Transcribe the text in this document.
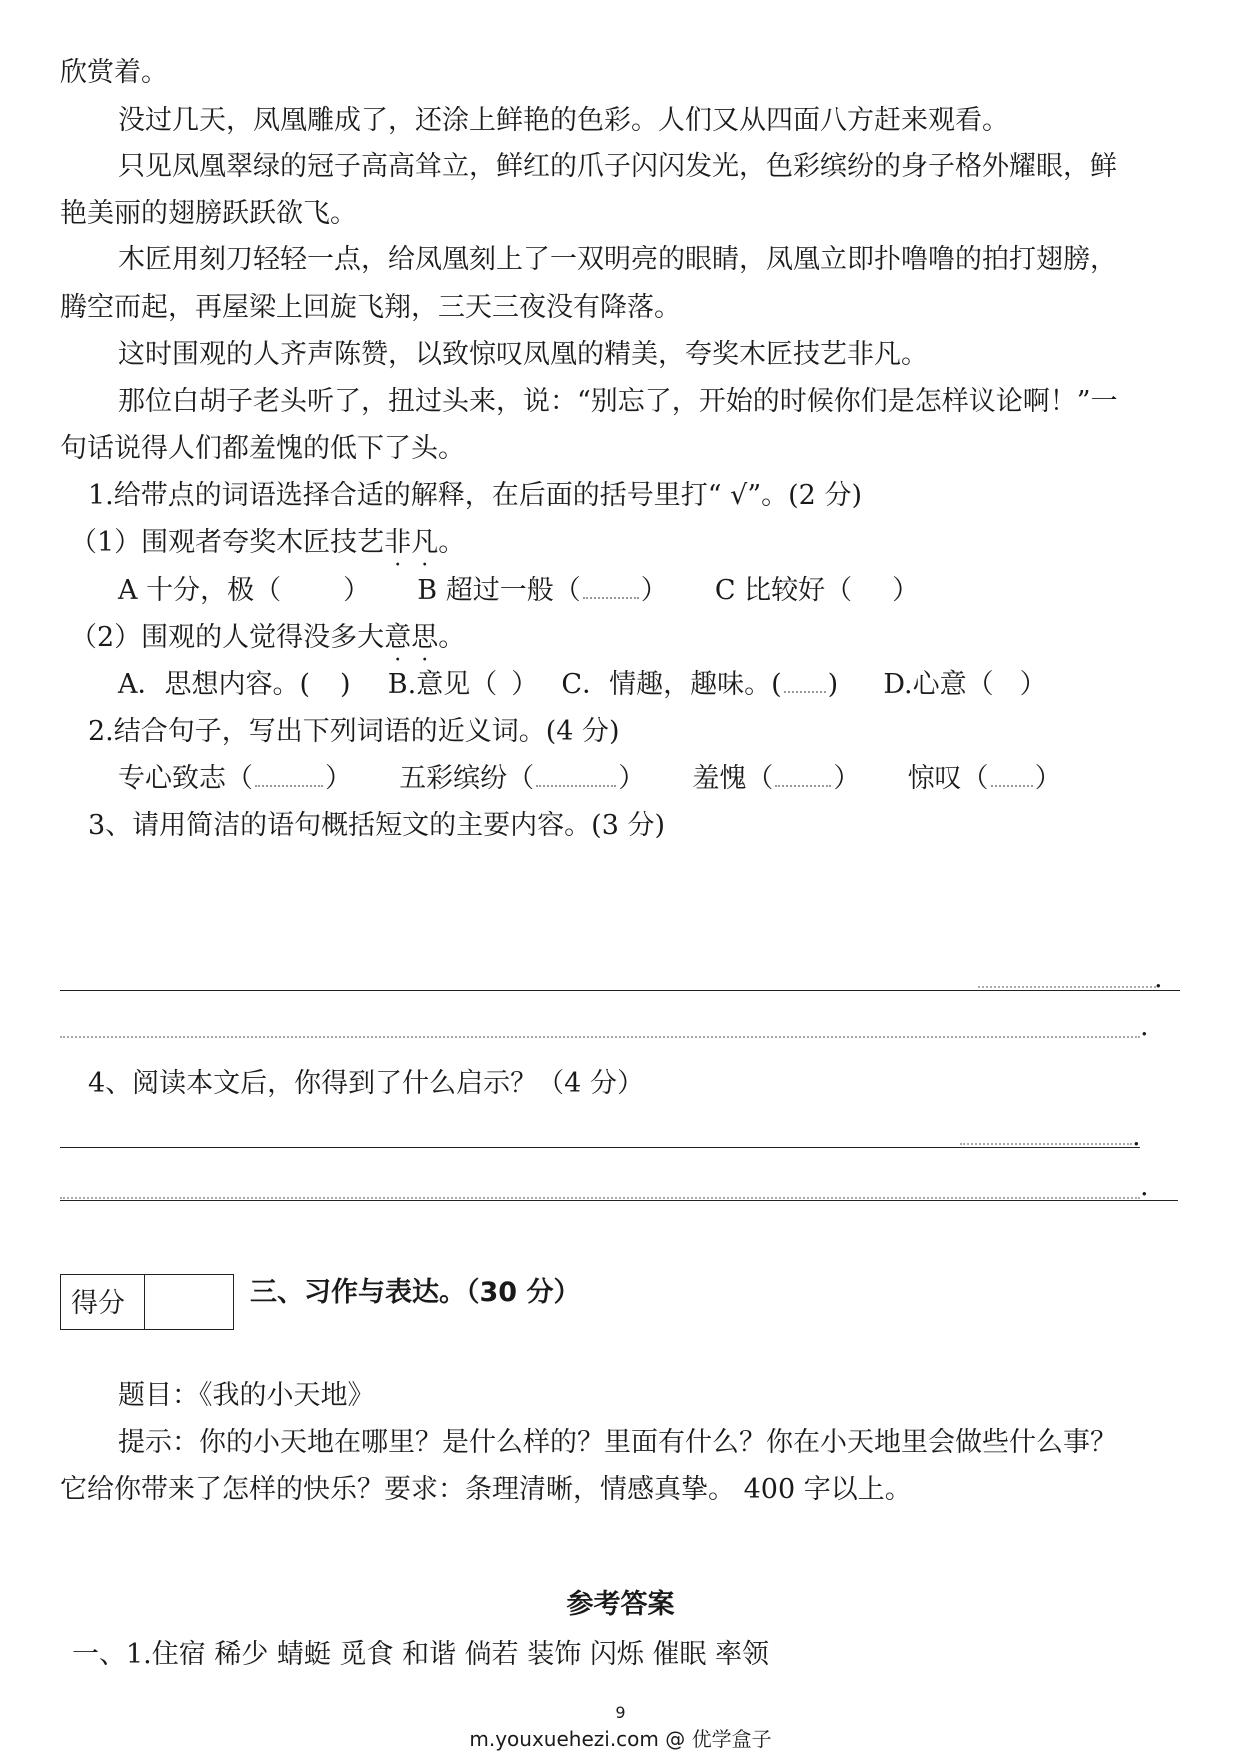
欣赏着。
没过几天，凤凰雕成了，还涂上鲜艳的色彩。人们又从四面八方赶来观看。
只见凤凰翠绿的冠子高高耸立，鲜红的爪子闪闪发光，色彩缤纷的身子格外耀眼，鲜
艳美丽的翅膀跃跃欲飞。
木匠用刻刀轻轻一点，给凤凰刻上了一双明亮的眼睛，凤凰立即扑噜噜的拍打翅膀，
腾空而起，再屋梁上回旋飞翔，三天三夜没有降落。
这时围观的人齐声陈赞，以致惊叹凤凰的精美，夸奖木匠技艺非凡。
那位白胡子老头听了，扭过头来，说：“别忘了，开始的时候你们是怎样议论啊！”一
句话说得人们都羞愧的低下了头。
1.给带点的词语选择合适的解释，在后面的括号里打“ √”。(2 分)
（1）围观者夸奖木匠技艺非凡。
A 十分，极（ ） B 超过一般（ ） C 比较好（ ）
（2）围观的人觉得没多大意思。
A．思想内容。( ) B.意见（ ） C．情趣，趣味。( ) D.心意（ ）
2.结合句子，写出下列词语的近义词。(4 分)
专心致志（	） 五彩缤纷（	） 羞愧（ ） 惊叹（ ）
3、请用简洁的语句概括短文的主要内容。(3 分)
.
.
4、阅读本文后，你得到了什么启示？（4 分）
.
.
得分	三、习作与表达。（30 分）
题目：《我的小天地》
提示：你的小天地在哪里？是什么样的？里面有什么？你在小天地里会做些什么事？
它给你带来了怎样的快乐？要求：条理清晰，情感真挚。 400 字以上。
参考答案
一、1.住宿 稀少 蜻蜓 觅食 和谐 倘若 装饰 闪烁 催眠 率领
9
m.youxuehezi.com @ 优学盒子
